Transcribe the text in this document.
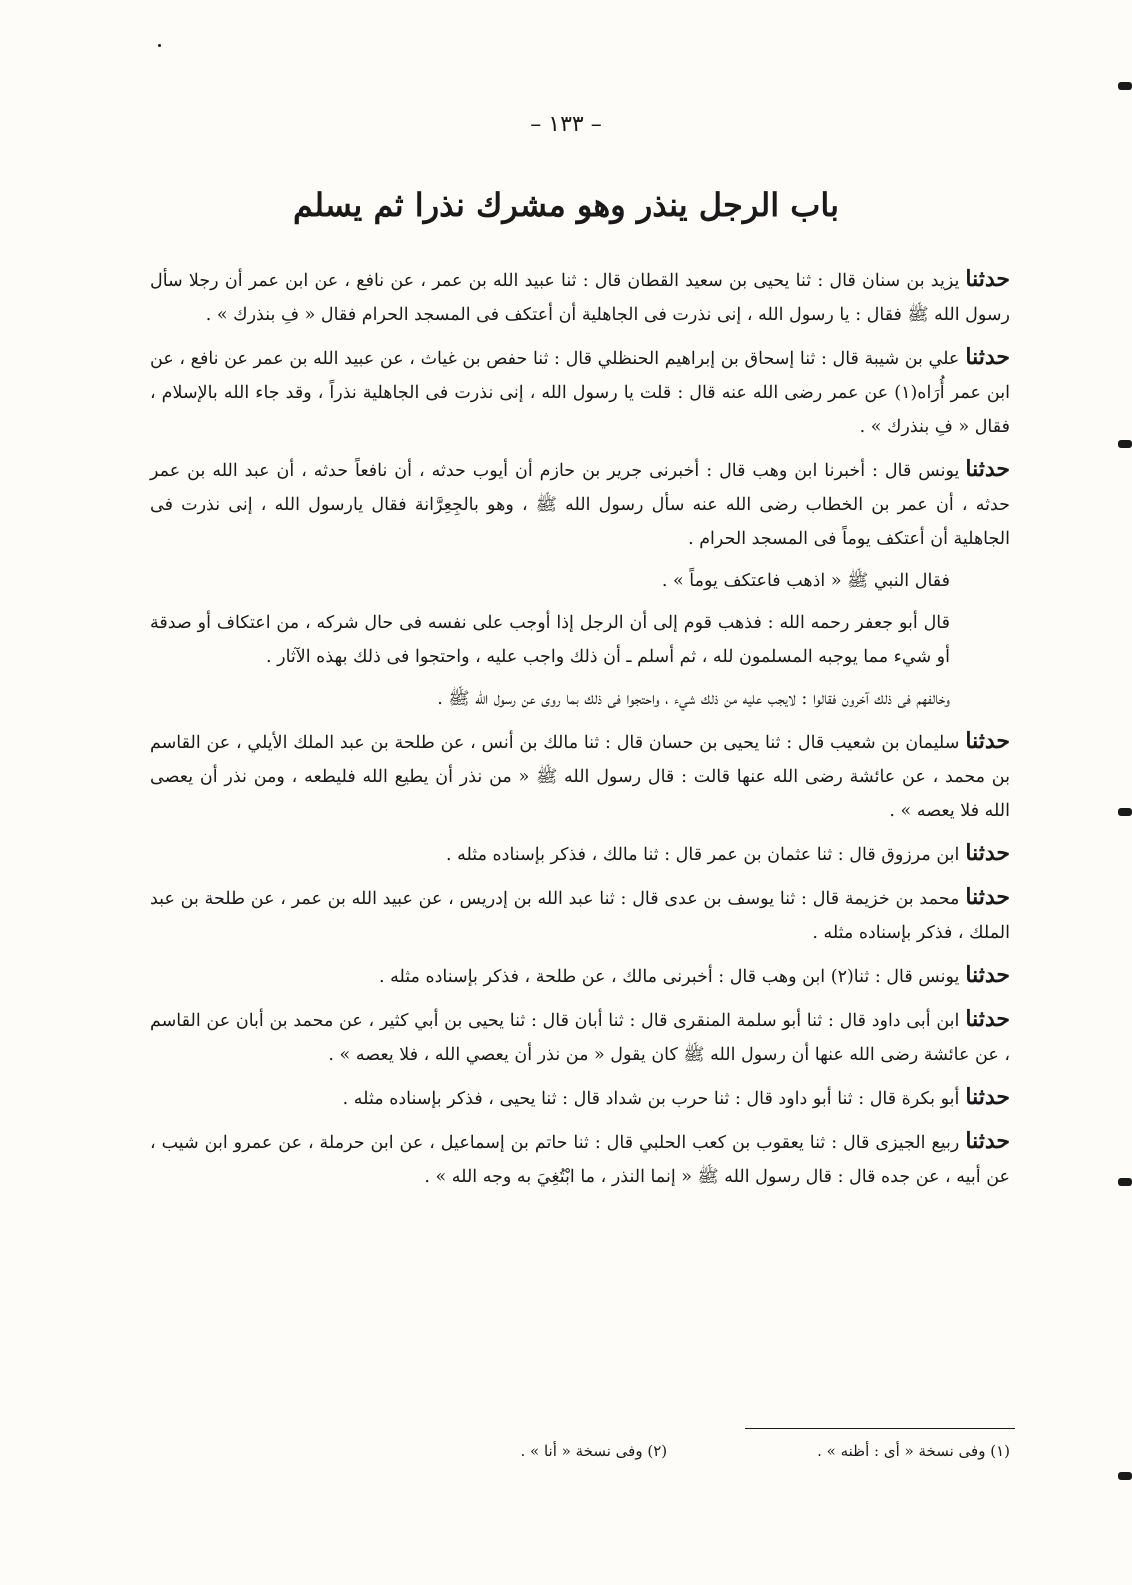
– ١٣٣ –
باب الرجل ينذر وهو مشرك نذرا ثم يسلم

حدثنايزيد بن سنان قال : ثنا يحيى بن سعيد القطان قال : ثنا عبيد الله بن عمر ، عن نافع ، عن ابن عمر أن رجلا سأل رسول الله ﷺ فقال : يا رسول الله ، إنى نذرت فى الجاهلية أن أعتكف فى المسجد الحرام فقال « فِ بنذرك » .

حدثناعلي بن شيبة قال : ثنا إسحاق بن إبراهيم الحنظلي قال : ثنا حفص بن غياث ، عن عبيد الله بن عمر عن نافع ، عن ابن عمر أُرَاه(١) عن عمر رضى الله عنه قال : قلت يا رسول الله ، إنى نذرت فى الجاهلية نذراً ، وقد جاء الله بالإسلام ، فقال « فِ بنذرك » .

حدثنايونس قال : أخبرنا ابن وهب قال : أخبرنى جرير بن حازم أن أيوب حدثه ، أن نافعاً حدثه ، أن عبد الله بن عمر حدثه ، أن عمر بن الخطاب رضى الله عنه سأل رسول الله ﷺ ، وهو بالجِعِرَّانة فقال يارسول الله ، إنى نذرت فى الجاهلية أن أعتكف يوماً فى المسجد الحرام .

فقال النبي ﷺ « اذهب فاعتكف يوماً » .

قال أبو جعفر رحمه الله : فذهب قوم إلى أن الرجل إذا أوجب على نفسه فى حال شركه ، من اعتكاف أو صدقة أو شيء مما يوجبه المسلمون لله ، ثم أسلم ـ أن ذلك واجب عليه ، واحتجوا فى ذلك بهذه الآثار .

وخالفهم فى ذلك آخرون فقالوا : لايجب عليه من ذلك شيء ، واحتجوا فى ذلك بما روى عن رسول الله ﷺ .

حدثناسليمان بن شعيب قال : ثنا يحيى بن حسان قال : ثنا مالك بن أنس ، عن طلحة بن عبد الملك الأيلي ، عن القاسم بن محمد ، عن عائشة رضى الله عنها قالت : قال رسول الله ﷺ « من نذر أن يطيع الله فليطعه ، ومن نذر أن يعصى الله فلا يعصه » .

حدثناابن مرزوق قال : ثنا عثمان بن عمر قال : ثنا مالك ، فذكر بإسناده مثله .

حدثنامحمد بن خزيمة قال : ثنا يوسف بن عدى قال : ثنا عبد الله بن إدريس ، عن عبيد الله بن عمر ، عن طلحة بن عبد الملك ، فذكر بإسناده مثله .

حدثنايونس قال : ثنا(٢) ابن وهب قال : أخبرنى مالك ، عن طلحة ، فذكر بإسناده مثله .

حدثناابن أبى داود قال : ثنا أبو سلمة المنقرى قال : ثنا أبان قال : ثنا يحيى بن أبي كثير ، عن محمد بن أبان عن القاسم ، عن عائشة رضى الله عنها أن رسول الله ﷺ كان يقول « من نذر أن يعصي الله ، فلا يعصه » .

حدثناأبو بكرة قال : ثنا أبو داود قال : ثنا حرب بن شداد قال : ثنا يحيى ، فذكر بإسناده مثله .

حدثناربيع الجيزى قال : ثنا يعقوب بن كعب الحلبي قال : ثنا حاتم بن إسماعيل ، عن ابن حرملة ، عن عمرو ابن شيب ، عن أبيه ، عن جده قال : قال رسول الله ﷺ « إنما النذر ، ما ابْتُغِيَ به وجه الله » .

(١) وفى نسخة « أى : أظنه » .
(٢) وفى نسخة « أنا » .
